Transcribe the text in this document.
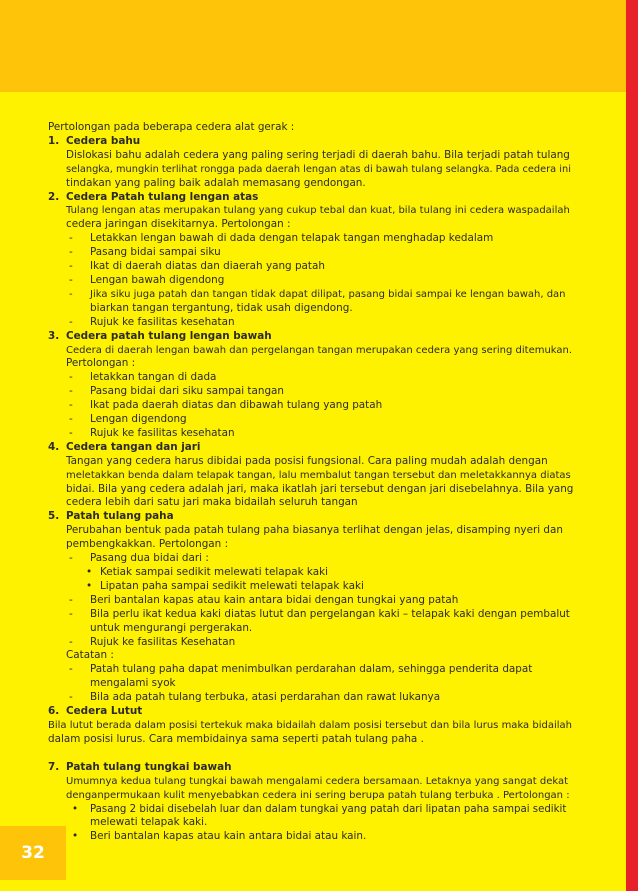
32
Pertolongan pada beberapa cedera alat gerak :
1. Cedera bahu
Dislokasi bahu adalah cedera yang paling sering terjadi di daerah bahu. Bila terjadi patah tulang
selangka, mungkin terlihat rongga pada daerah lengan atas di bawah tulang selangka. Pada cedera ini
tindakan yang paling baik adalah memasang gendongan.
2. Cedera Patah tulang lengan atas
Tulang lengan atas merupakan tulang yang cukup tebal dan kuat, bila tulang ini cedera waspadailah
cedera jaringan disekitarnya. Pertolongan :
- Letakkan lengan bawah di dada dengan telapak tangan menghadap kedalam
- Pasang bidai sampai siku
- Ikat di daerah diatas dan diaerah yang patah
- Lengan bawah digendong
- Jika siku juga patah dan tangan tidak dapat dilipat, pasang bidai sampai ke lengan bawah, dan
biarkan tangan tergantung, tidak usah digendong.
- Rujuk ke fasilitas kesehatan
3. Cedera patah tulang lengan bawah
Cedera di daerah lengan bawah dan pergelangan tangan merupakan cedera yang sering ditemukan.
Pertolongan :
- letakkan tangan di dada
- Pasang bidai dari siku sampai tangan
- Ikat pada daerah diatas dan dibawah tulang yang patah
- Lengan digendong
- Rujuk ke fasilitas kesehatan
4. Cedera tangan dan jari
Tangan yang cedera harus dibidai pada posisi fungsional. Cara paling mudah adalah dengan
meletakkan benda dalam telapak tangan, lalu membalut tangan tersebut dan meletakkannya diatas
bidai. Bila yang cedera adalah jari, maka ikatlah jari tersebut dengan jari disebelahnya. Bila yang
cedera lebih dari satu jari maka bidailah seluruh tangan
5. Patah tulang paha
Perubahan bentuk pada patah tulang paha biasanya terlihat dengan jelas, disamping nyeri dan
pembengkakkan. Pertolongan :
- Pasang dua bidai dari :
• Ketiak sampai sedikit melewati telapak kaki
• Lipatan paha sampai sedikit melewati telapak kaki
- Beri bantalan kapas atau kain antara bidai dengan tungkai yang patah
- Bila perlu ikat kedua kaki diatas lutut dan pergelangan kaki – telapak kaki dengan pembalut
untuk mengurangi pergerakan.
- Rujuk ke fasilitas Kesehatan
Catatan :
- Patah tulang paha dapat menimbulkan perdarahan dalam, sehingga penderita dapat
mengalami syok
- Bila ada patah tulang terbuka, atasi perdarahan dan rawat lukanya
6. Cedera Lutut
Bila lutut berada dalam posisi tertekuk maka bidailah dalam posisi tersebut dan bila lurus maka bidailah
dalam posisi lurus. Cara membidainya sama seperti patah tulang paha .
7. Patah tulang tungkai bawah
Umumnya kedua tulang tungkai bawah mengalami cedera bersamaan. Letaknya yang sangat dekat
denganpermukaan kulit menyebabkan cedera ini sering berupa patah tulang terbuka . Pertolongan :
• Pasang 2 bidai disebelah luar dan dalam tungkai yang patah dari lipatan paha sampai sedikit
melewati telapak kaki.
• Beri bantalan kapas atau kain antara bidai atau kain.
